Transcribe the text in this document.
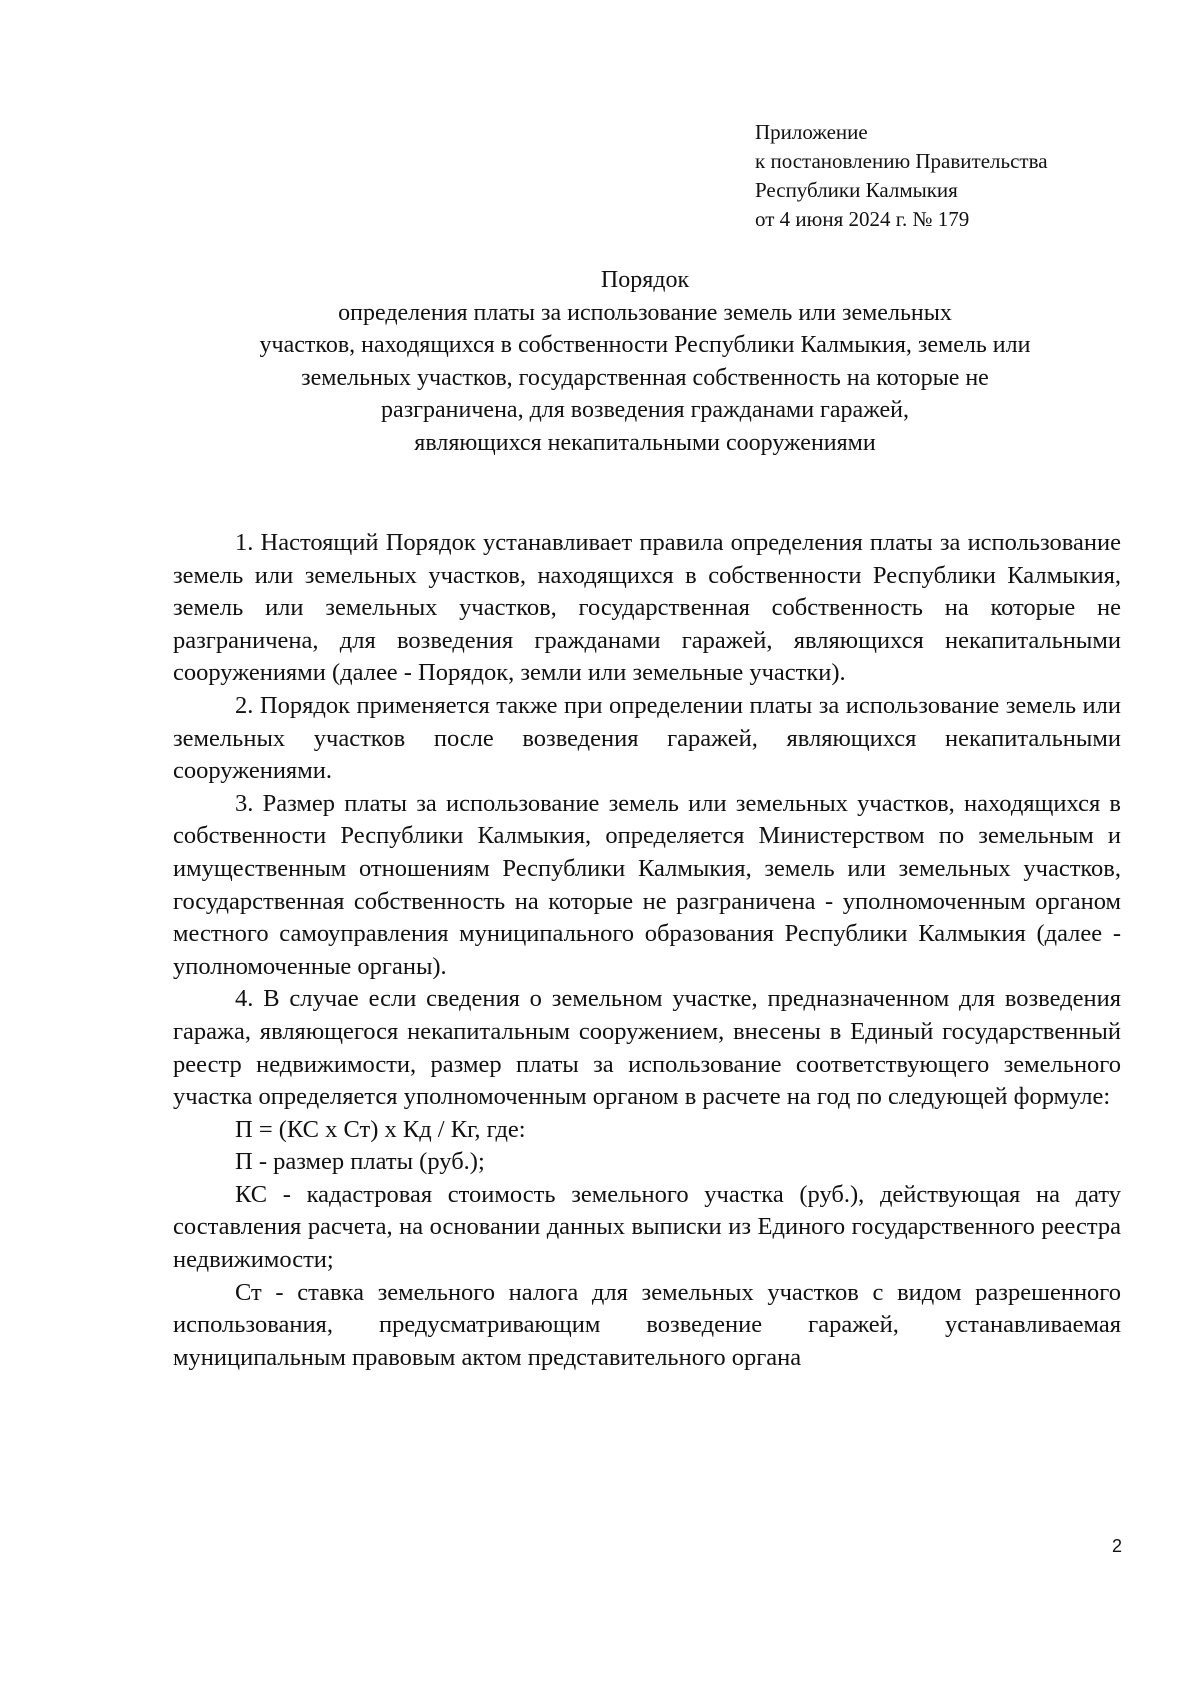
Приложение
к постановлению Правительства
Республики Калмыкия
от 4 июня 2024 г. № 179
Порядок
определения платы за использование земель или земельных
участков, находящихся в собственности Республики Калмыкия, земель или
земельных участков, государственная собственность на которые не
разграничена, для возведения гражданами гаражей,
являющихся некапитальными сооружениями

1. Настоящий Порядок устанавливает правила определения платы за использование земель или земельных участков, находящихся в собственности Республики Калмыкия, земель или земельных участков, государственная собственность на которые не разграничена, для возведения гражданами гаражей, являющихся некапитальными сооружениями (далее - Порядок, земли или земельные участки).

2. Порядок применяется также при определении платы за использование земель или земельных участков после возведения гаражей, являющихся некапитальными сооружениями.

3. Размер платы за использование земель или земельных участков, находящихся в собственности Республики Калмыкия, определяется Министерством по земельным и имущественным отношениям Республики Калмыкия, земель или земельных участков, государственная собственность на которые не разграничена - уполномоченным органом местного самоуправления муниципального образования Республики Калмыкия (далее - уполномоченные органы).

4. В случае если сведения о земельном участке, предназначенном для возведения гаража, являющегося некапитальным сооружением, внесены в Единый государственный реестр недвижимости, размер платы за использование соответствующего земельного участка определяется уполномоченным органом в расчете на год по следующей формуле:

П = (КС х Ст) х Кд / Кг, где:

П - размер платы (руб.);

КС - кадастровая стоимость земельного участка (руб.), действующая на дату составления расчета, на основании данных выписки из Единого государственного реестра недвижимости;

Ст - ставка земельного налога для земельных участков с видом разрешенного использования, предусматривающим возведение гаражей, устанавливаемая муниципальным правовым актом представительного органа

2
